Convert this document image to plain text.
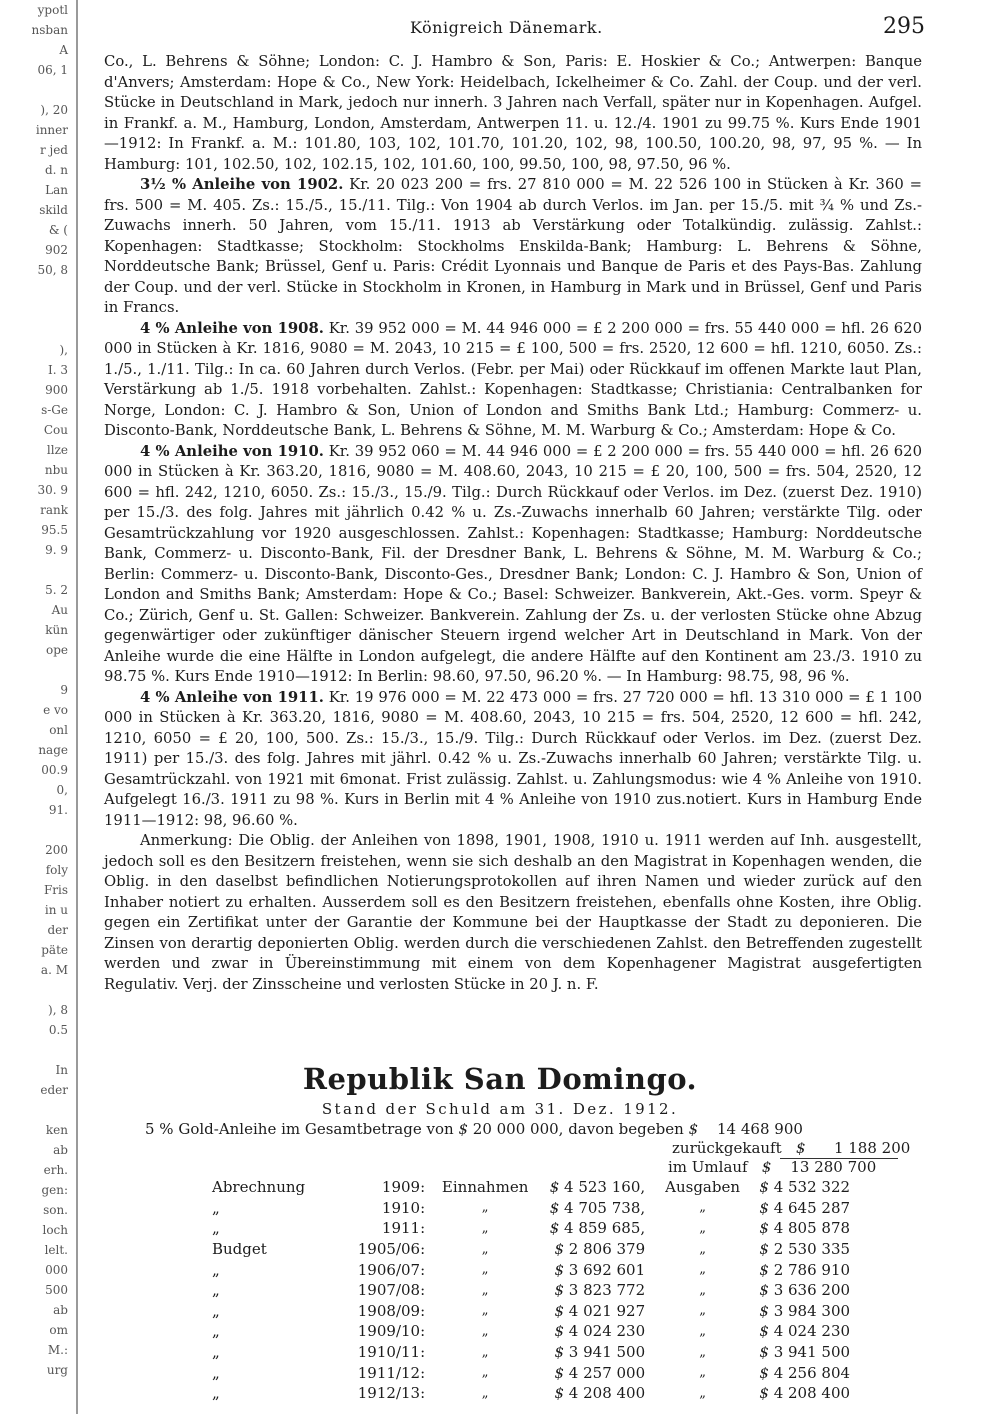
ypotl
nsban
A
06, 1
), 20
inner
r jed
d. n
Lan
skild
& (
902
50, 8
),
I. 3
900
s-Ge
Cou
llze
nbu
30. 9
rank
95.5
9. 9
5. 2
Au
kün
ope
9
e vo
onl
nage
00.9
0,
91.
200
foly
Fris
in u
der
päte
a. M
), 8
0.5
In
eder
ken
ab
erh.
gen:
son.
loch
lelt.
000
500
ab
om
M.:
urg
Königreich Dänemark.	295

Co., L. Behrens & Söhne; London: C. J. Hambro & Son, Paris: E. Hoskier & Co.; Antwerpen: Banque d'Anvers; Amsterdam: Hope & Co., New York: Heidelbach, Ickelheimer & Co. Zahl. der Coup. und der verl. Stücke in Deutschland in Mark, jedoch nur innerh. 3 Jahren nach Verfall, später nur in Kopenhagen. Aufgel. in Frankf. a. M., Hamburg, London, Amsterdam, Antwerpen 11. u. 12./4. 1901 zu 99.75 %. Kurs Ende 1901—1912: In Frankf. a. M.: 101.80, 103, 102, 101.70, 101.20, 102, 98, 100.50, 100.20, 98, 97, 95 %. — In Hamburg: 101, 102.50, 102, 102.15, 102, 101.60, 100, 99.50, 100, 98, 97.50, 96 %.

3½ % Anleihe von 1902. Kr. 20 023 200 = frs. 27 810 000 = M. 22 526 100 in Stücken à Kr. 360 = frs. 500 = M. 405. Zs.: 15./5., 15./11. Tilg.: Von 1904 ab durch Verlos. im Jan. per 15./5. mit ¾ % und Zs.-Zuwachs innerh. 50 Jahren, vom 15./11. 1913 ab Verstärkung oder Totalkündig. zulässig. Zahlst.: Kopenhagen: Stadtkasse; Stockholm: Stockholms Enskilda-Bank; Hamburg: L. Behrens & Söhne, Norddeutsche Bank; Brüssel, Genf u. Paris: Crédit Lyonnais und Banque de Paris et des Pays-Bas. Zahlung der Coup. und der verl. Stücke in Stockholm in Kronen, in Hamburg in Mark und in Brüssel, Genf und Paris in Francs.

4 % Anleihe von 1908. Kr. 39 952 000 = M. 44 946 000 = £ 2 200 000 = frs. 55 440 000 = hfl. 26 620 000 in Stücken à Kr. 1816, 9080 = M. 2043, 10 215 = £ 100, 500 = frs. 2520, 12 600 = hfl. 1210, 6050. Zs.: 1./5., 1./11. Tilg.: In ca. 60 Jahren durch Verlos. (Febr. per Mai) oder Rückkauf im offenen Markte laut Plan, Verstärkung ab 1./5. 1918 vorbehalten. Zahlst.: Kopenhagen: Stadtkasse; Christiania: Centralbanken for Norge, London: C. J. Hambro & Son, Union of London and Smiths Bank Ltd.; Hamburg: Commerz- u. Disconto-Bank, Norddeutsche Bank, L. Behrens & Söhne, M. M. Warburg & Co.; Amsterdam: Hope & Co.

4 % Anleihe von 1910. Kr. 39 952 060 = M. 44 946 000 = £ 2 200 000 = frs. 55 440 000 = hfl. 26 620 000 in Stücken à Kr. 363.20, 1816, 9080 = M. 408.60, 2043, 10 215 = £ 20, 100, 500 = frs. 504, 2520, 12 600 = hfl. 242, 1210, 6050. Zs.: 15./3., 15./9. Tilg.: Durch Rückkauf oder Verlos. im Dez. (zuerst Dez. 1910) per 15./3. des folg. Jahres mit jährlich 0.42 % u. Zs.-Zuwachs innerhalb 60 Jahren; verstärkte Tilg. oder Gesamtrückzahlung vor 1920 ausgeschlossen. Zahlst.: Kopenhagen: Stadtkasse; Hamburg: Norddeutsche Bank, Commerz- u. Disconto-Bank, Fil. der Dresdner Bank, L. Behrens & Söhne, M. M. Warburg & Co.; Berlin: Commerz- u. Disconto-Bank, Disconto-Ges., Dresdner Bank; London: C. J. Hambro & Son, Union of London and Smiths Bank; Amsterdam: Hope & Co.; Basel: Schweizer. Bankverein, Akt.-Ges. vorm. Speyr & Co.; Zürich, Genf u. St. Gallen: Schweizer. Bankverein. Zahlung der Zs. u. der verlosten Stücke ohne Abzug gegenwärtiger oder zukünftiger dänischer Steuern irgend welcher Art in Deutschland in Mark. Von der Anleihe wurde die eine Hälfte in London aufgelegt, die andere Hälfte auf den Kontinent am 23./3. 1910 zu 98.75 %. Kurs Ende 1910—1912: In Berlin: 98.60, 97.50, 96.20 %. — In Hamburg: 98.75, 98, 96 %.

4 % Anleihe von 1911. Kr. 19 976 000 = M. 22 473 000 = frs. 27 720 000 = hfl. 13 310 000 = £ 1 100 000 in Stücken à Kr. 363.20, 1816, 9080 = M. 408.60, 2043, 10 215 = frs. 504, 2520, 12 600 = hfl. 242, 1210, 6050 = £ 20, 100, 500. Zs.: 15./3., 15./9. Tilg.: Durch Rückkauf oder Verlos. im Dez. (zuerst Dez. 1911) per 15./3. des folg. Jahres mit jährl. 0.42 % u. Zs.-Zuwachs innerhalb 60 Jahren; verstärkte Tilg. u. Gesamtrückzahl. von 1921 mit 6monat. Frist zulässig. Zahlst. u. Zahlungsmodus: wie 4 % Anleihe von 1910. Aufgelegt 16./3. 1911 zu 98 %. Kurs in Berlin mit 4 % Anleihe von 1910 zus.notiert. Kurs in Hamburg Ende 1911—1912: 98, 96.60 %.

Anmerkung: Die Oblig. der Anleihen von 1898, 1901, 1908, 1910 u. 1911 werden auf Inh. ausgestellt, jedoch soll es den Besitzern freistehen, wenn sie sich deshalb an den Magistrat in Kopenhagen wenden, die Oblig. in den daselbst befindlichen Notierungsprotokollen auf ihren Namen und wieder zurück auf den Inhaber notiert zu erhalten. Ausserdem soll es den Besitzern freistehen, ebenfalls ohne Kosten, ihre Oblig. gegen ein Zertifikat unter der Garantie der Kommune bei der Hauptkasse der Stadt zu deponieren. Die Zinsen von derartig deponierten Oblig. werden durch die verschiedenen Zahlst. den Betreffenden zugestellt werden und zwar in Übereinstimmung mit einem von dem Kopenhagener Magistrat ausgefertigten Regulativ. Verj. der Zinsscheine und verlosten Stücke in 20 J. n. F.

Republik San Domingo.
Stand der Schuld am 31. Dez. 1912.
5 % Gold-Anleihe im Gesamtbetrage von $ 20 000 000, davon begeben $ 14 468 900
zurückgekauft $ 1 188 200
im Umlauf $ 13 280 700
Abrechnung	1909:	Einnahmen	$ 4 523 160,	Ausgaben	$ 4 532 322
„	1910:	„	$ 4 705 738,	„	$ 4 645 287
„	1911:	„	$ 4 859 685,	„	$ 4 805 878
Budget	1905/06:	„	$ 2 806 379	„	$ 2 530 335
„	1906/07:	„	$ 3 692 601	„	$ 2 786 910
„	1907/08:	„	$ 3 823 772	„	$ 3 636 200
„	1908/09:	„	$ 4 021 927	„	$ 3 984 300
„	1909/10:	„	$ 4 024 230	„	$ 4 024 230
„	1910/11:	„	$ 3 941 500	„	$ 3 941 500
„	1911/12:	„	$ 4 257 000	„	$ 4 256 804
„	1912/13:	„	$ 4 208 400	„	$ 4 208 400
